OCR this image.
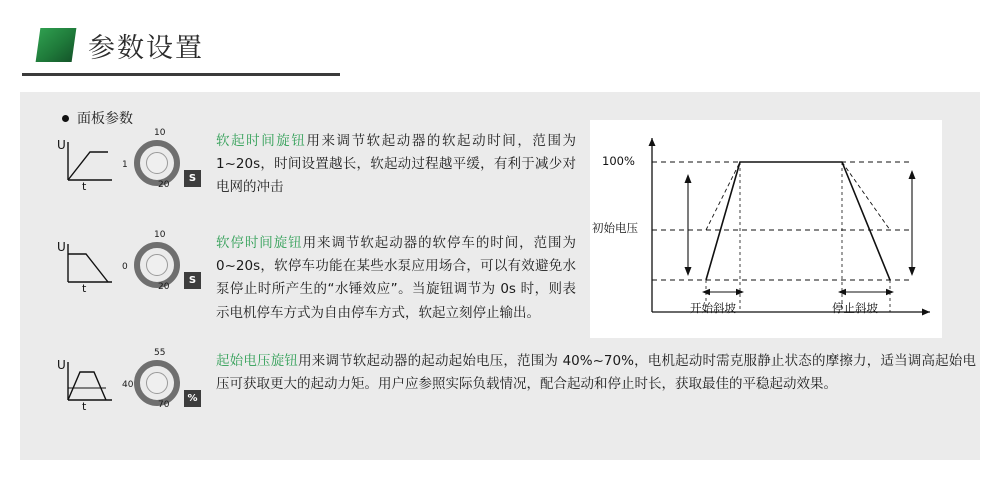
参数设置
面板参数
U
t
1
10
20
S
软起时间旋钮用来调节软起动器的软起动时间，范围为1~20s，时间设置越长，软起动过程越平缓，有利于减少对电网的冲击
U
t
0
10
20
S
软停时间旋钮用来调节软起动器的软停车的时间，范围为0~20s，软停车功能在某些水泵应用场合，可以有效避免水泵停止时所产生的“水锤效应”。当旋钮调节为 0s 时，则表示电机停车方式为自由停车方式，软起立刻停止输出。
U
t
40
55
70
%
起始电压旋钮用来调节软起动器的起动起始电压，范围为 40%~70%，电机起动时需克服静止状态的摩擦力，适当调高起始电压可获取更大的起动力矩。用户应参照实际负载情况，配合起动和停止时长，获取最佳的平稳起动效果。
100%
初始电压
开始斜坡	停止斜坡
